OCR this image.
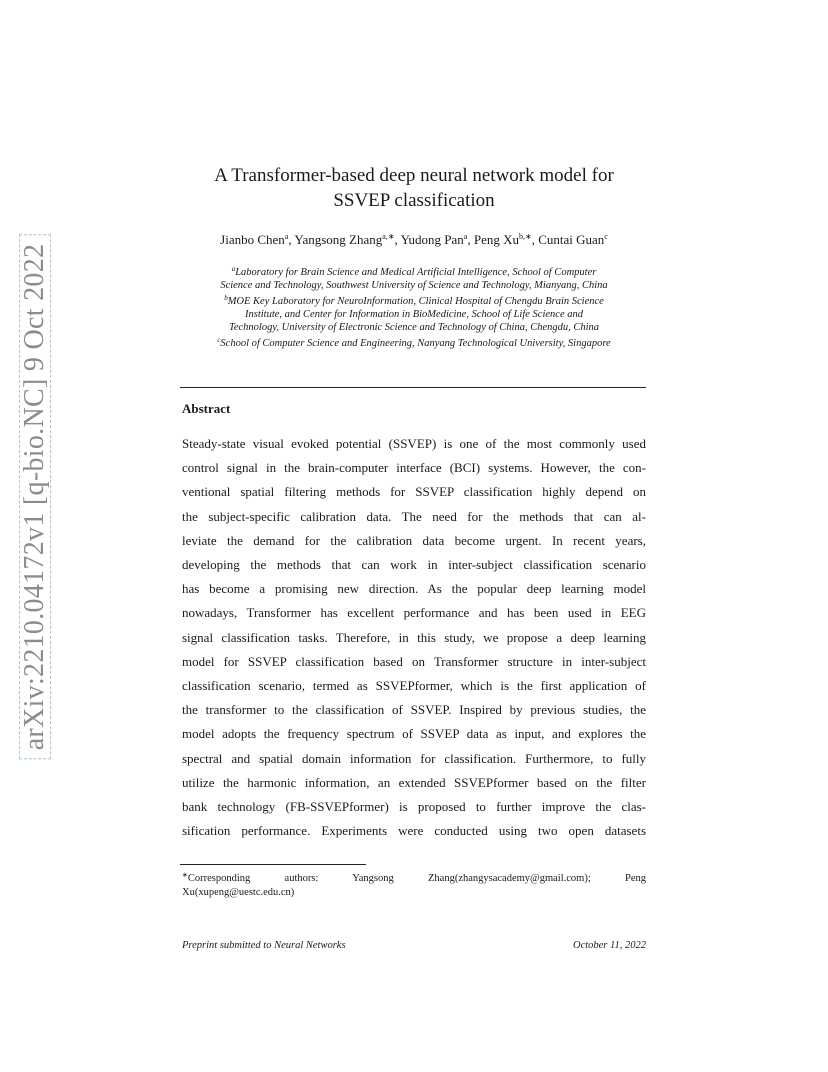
arXiv:2210.04172v1 [q-bio.NC] 9 Oct 2022
A Transformer-based deep neural network model for
SSVEP classification
Jianbo Chen$^a$, Yangsong Zhang$^{a,∗}$, Yudong Pan$^a$, Peng $Xu^{b,∗}$, Cuntai Guan$^c$
$^a$Laboratory for Brain Science and Medical Artificial Intelligence, School of Computer
Science and Technology, Southwest University of Science and Technology, Mianyang, China
$^b$MOE Key Laboratory for NeuroInformation, Clinical Hospital of Chengdu Brain Science
Institute, and Center for Information in BioMedicine, School of Life Science and
Technology, University of Electronic Science and Technology of China, Chengdu, China
$^c$School of Computer Science and Engineering, Nanyang Technological University, Singapore
Abstract
Steady-state visual evoked potential (SSVEP) is one of the most commonly used
control signal in the brain-computer interface (BCI) systems. However, the con-
ventional spatial filtering methods for SSVEP classification highly depend on
the subject-specific calibration data. The need for the methods that can al-
leviate the demand for the calibration data become urgent. In recent years,
developing the methods that can work in inter-subject classification scenario
has become a promising new direction. As the popular deep learning model
nowadays, Transformer has excellent performance and has been used in EEG
signal classification tasks. Therefore, in this study, we propose a deep learning
model for SSVEP classification based on Transformer structure in inter-subject
classification scenario, termed as SSVEPformer, which is the first application of
the transformer to the classification of SSVEP. Inspired by previous studies, the
model adopts the frequency spectrum of SSVEP data as input, and explores the
spectral and spatial domain information for classification. Furthermore, to fully
utilize the harmonic information, an extended SSVEPformer based on the filter
bank technology (FB-SSVEPformer) is proposed to further improve the clas-
sification performance. Experiments were conducted using two open datasets
∗Corresponding authors: Yangsong Zhang(zhangysacademy@gmail.com); Peng
Xu(xupeng@uestc.edu.cn)
Preprint submitted to Neural Networks	October 11, 2022
